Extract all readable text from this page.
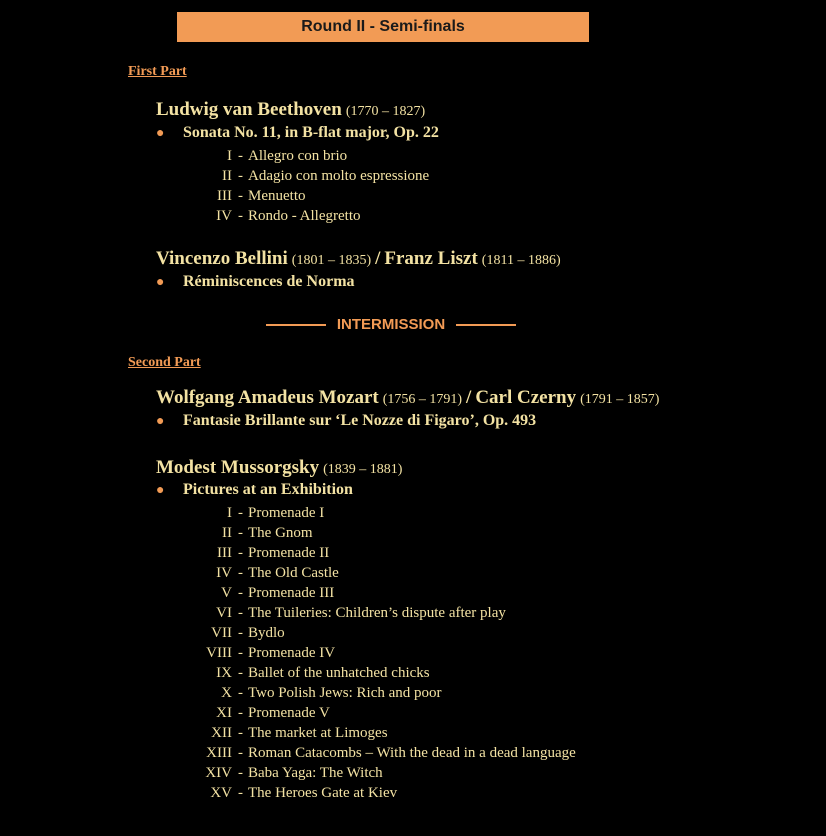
Round II - Semi-finals
First Part
Ludwig van Beethoven (1770 – 1827)
● Sonata No. 11, in B-flat major, Op. 22
I - Allegro con brio
II - Adagio con molto espressione
III - Menuetto
IV - Rondo - Allegretto
Vincenzo Bellini (1801 – 1835) / Franz Liszt (1811 – 1886)
● Réminiscences de Norma
INTERMISSION
Second Part
Wolfgang Amadeus Mozart (1756 – 1791) / Carl Czerny (1791 – 1857)
● Fantasie Brillante sur ‘Le Nozze di Figaro’, Op. 493
Modest Mussorgsky (1839 – 1881)
● Pictures at an Exhibition
I - Promenade I
II - The Gnom
III - Promenade II
IV - The Old Castle
V - Promenade III
VI - The Tuileries: Children’s dispute after play
VII - Bydlo
VIII - Promenade IV
IX - Ballet of the unhatched chicks
X - Two Polish Jews: Rich and poor
XI - Promenade V
XII - The market at Limoges
XIII - Roman Catacombs – With the dead in a dead language
XIV - Baba Yaga: The Witch
XV - The Heroes Gate at Kiev
